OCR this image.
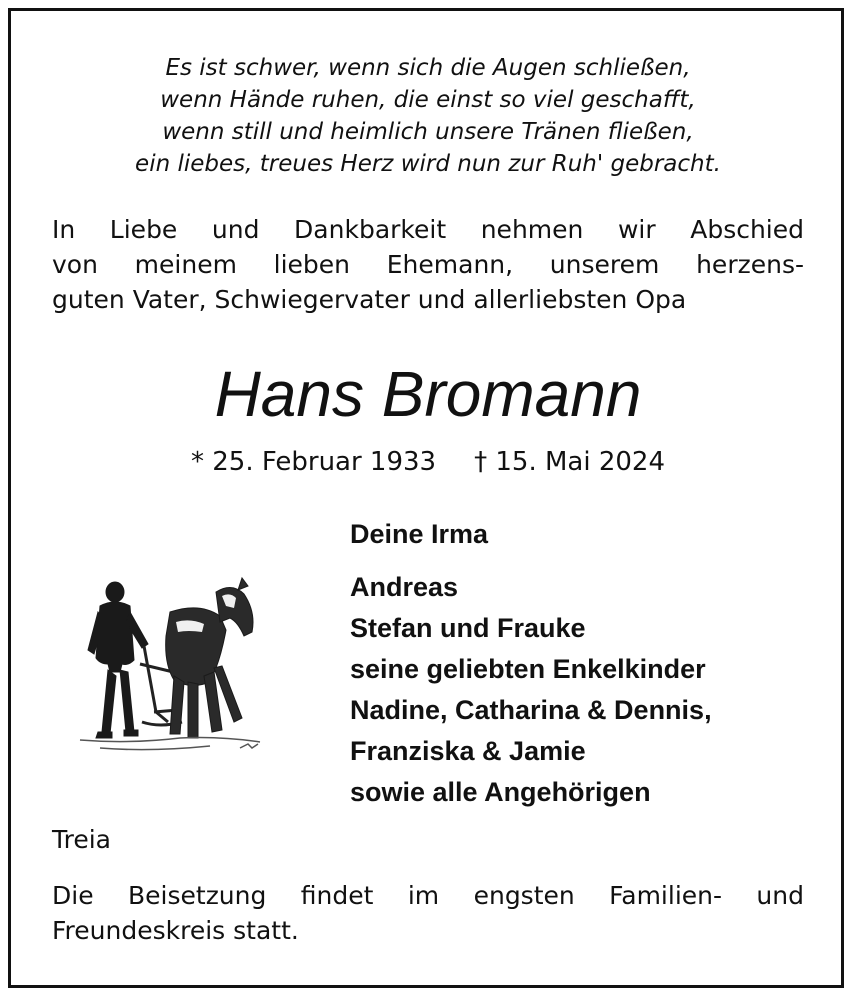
Es ist schwer, wenn sich die Augen schließen,
wenn Hände ruhen, die einst so viel geschafft,
wenn still und heimlich unsere Tränen fließen,
ein liebes, treues Herz wird nun zur Ruh' gebracht.
In Liebe und Dankbarkeit nehmen wir Abschied
von meinem lieben Ehemann, unserem herzens-
guten Vater, Schwiegervater und allerliebsten Opa
Hans Bromann
* 25. Februar 1933 † 15. Mai 2024
Deine Irma
Andreas
Stefan und Frauke
seine geliebten Enkelkinder
Nadine, Catharina & Dennis,
Franziska & Jamie
sowie alle Angehörigen
Treia
Die Beisetzung findet im engsten Familien- und
Freundeskreis statt.
